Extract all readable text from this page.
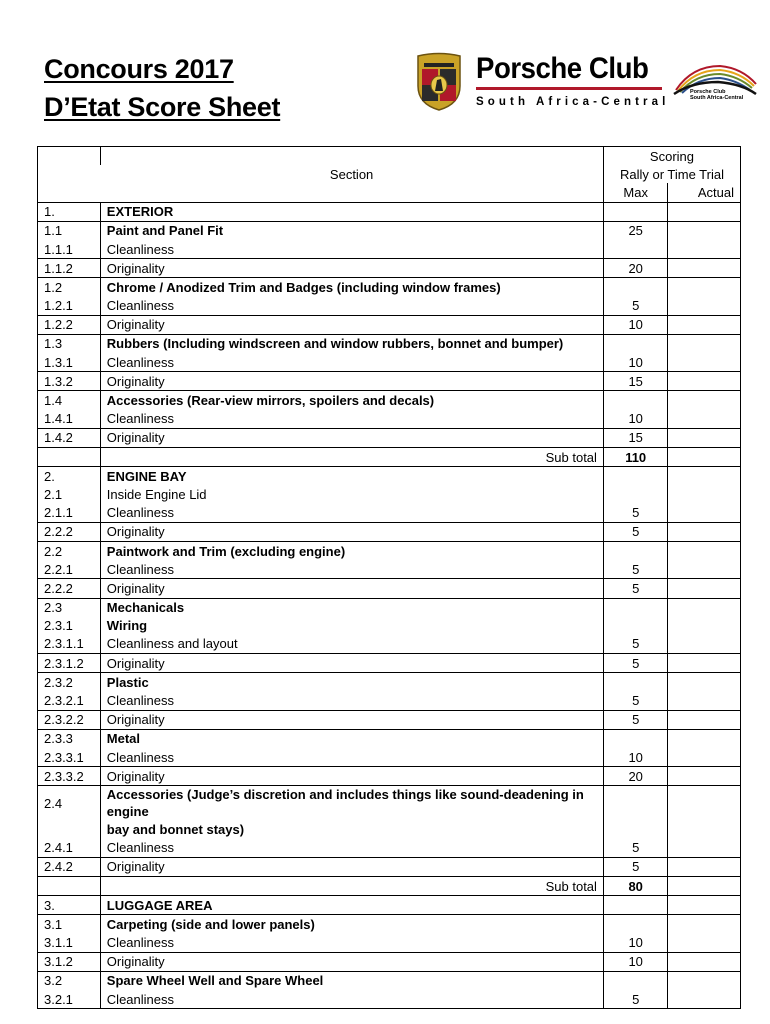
Concours 2017
D’Etat Score Sheet
Porsche Club
South Africa-Central
Porsche Club
South Africa-Central
		Scoring	
	Section	Rally or Time Trial	
		Max	Actual
1.	EXTERIOR		
1.1	Paint and Panel Fit	25	
1.1.1	Cleanliness		
1.1.2	Originality	20	
1.2	Chrome / Anodized Trim and Badges (including window frames)		
1.2.1	Cleanliness	5	
1.2.2	Originality	10	
1.3	Rubbers (Including windscreen and window rubbers, bonnet and bumper)		
1.3.1	Cleanliness	10	
1.3.2	Originality	15	
1.4	Accessories (Rear-view mirrors, spoilers and decals)		
1.4.1	Cleanliness	10	
1.4.2	Originality	15	
	Sub total	110	
2.	ENGINE BAY		
2.1	Inside Engine Lid		
2.1.1	Cleanliness	5	
2.2.2	Originality	5	
2.2	Paintwork and Trim (excluding engine)		
2.2.1	Cleanliness	5	
2.2.2	Originality	5	
2.3	Mechanicals		
2.3.1	Wiring		
2.3.1.1	Cleanliness and layout	5	
2.3.1.2	Originality	5	
2.3.2	Plastic		
2.3.2.1	Cleanliness	5	
2.3.2.2	Originality	5	
2.3.3	Metal		
2.3.3.1	Cleanliness	10	
2.3.3.2	Originality	20	
2.4	Accessories (Judge’s discretion and includes things like sound-deadening in engine		
	bay and bonnet stays)		
2.4.1	Cleanliness	5	
2.4.2	Originality	5	
	Sub total	80	
3.	LUGGAGE AREA		
3.1	Carpeting (side and lower panels)		
3.1.1	Cleanliness	10	
3.1.2	Originality	10	
3.2	Spare Wheel Well and Spare Wheel		
3.2.1	Cleanliness	5	
